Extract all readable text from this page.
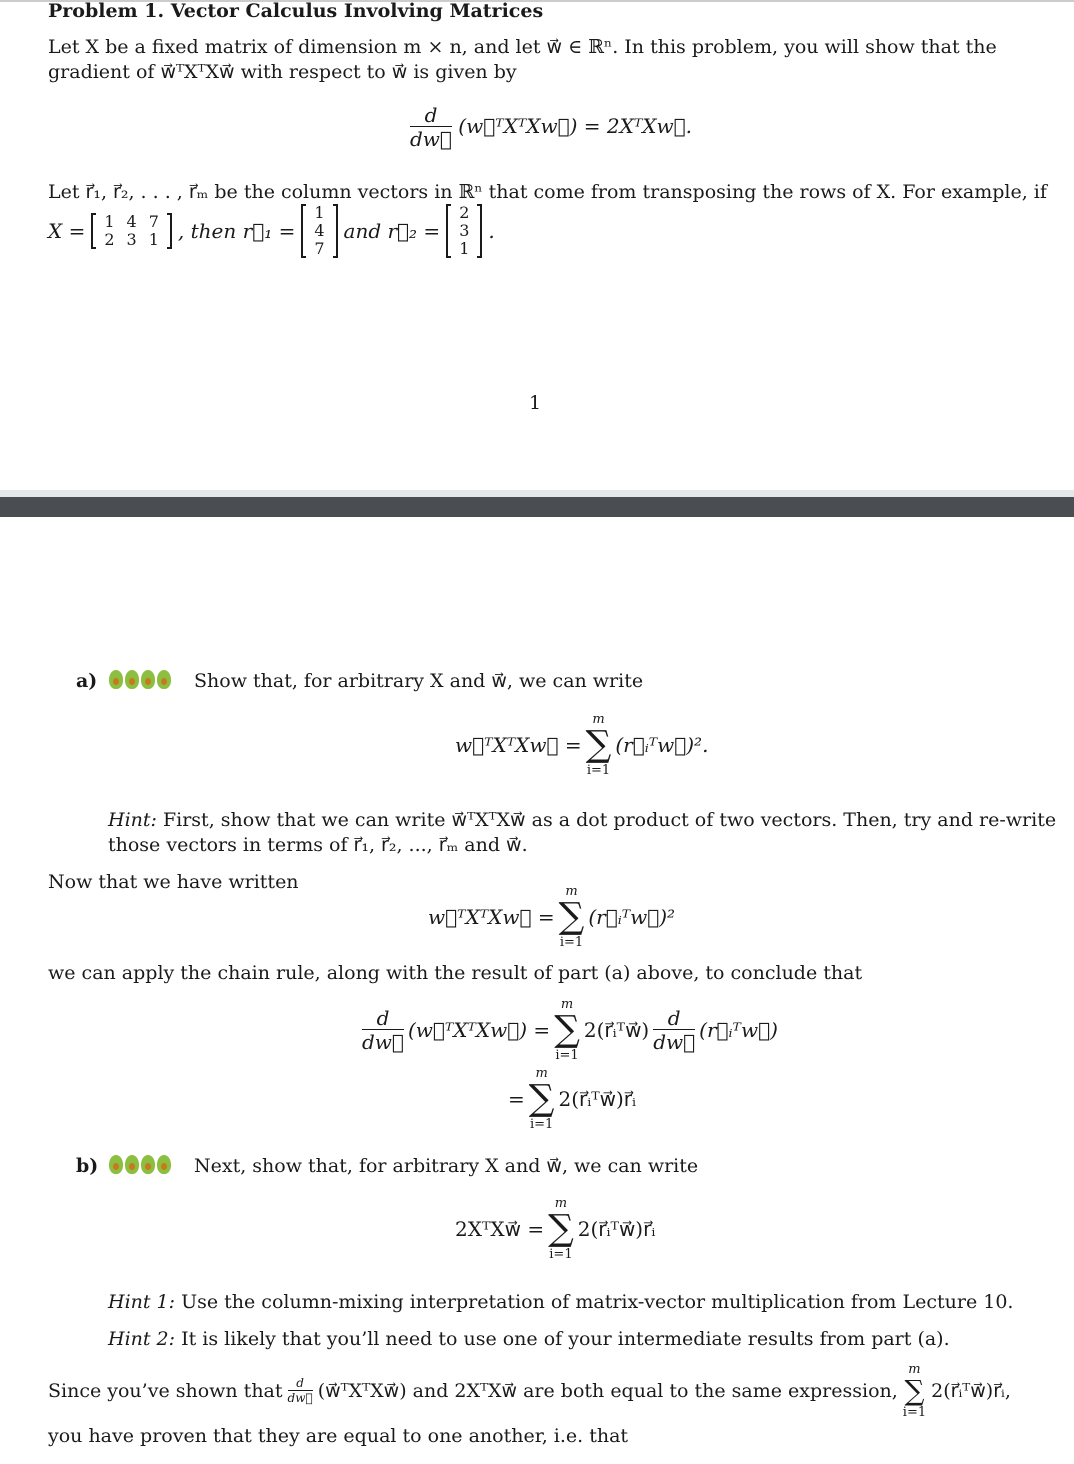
Problem 1. Vector Calculus Involving Matrices
Let X be a fixed matrix of dimension m × n, and let w⃗ ∈ ℝⁿ. In this problem, you will show that the
gradient of w⃗ᵀXᵀXw⃗ with respect to w⃗ is given by
$\frac{d}{dw⃗}$ (w⃗ᵀXᵀXw⃗) = 2XᵀXw⃗.
Let r⃗₁, r⃗₂, . . . , r⃗ₘ be the column vectors in ℝⁿ that come from transposing the rows of X. For example, if
X = 1	4	7
2	3	1 , then r⃗₁ =
1
4
7
and r⃗₂ =
2
3
1
.
1
a)	Show that, for arbitrary X and w⃗, we can write
w⃗ᵀXᵀXw⃗ =
m
∑
i=1
(r⃗ᵢᵀw⃗)².
Hint: First, show that we can write w⃗ᵀXᵀXw⃗ as a dot product of two vectors. Then, try and re-write
those vectors in terms of r⃗₁, r⃗₂, ..., r⃗ₘ and w⃗.
Now that we have written
w⃗ᵀXᵀXw⃗ =
m
∑
i=1
(r⃗ᵢᵀw⃗)²
we can apply the chain rule, along with the result of part (a) above, to conclude that
$\frac{d}{dw⃗}$ (w⃗ᵀXᵀXw⃗) =
m
∑
i=1
2(r⃗ᵢᵀw⃗) $\frac{d}{dw⃗}$ (r⃗ᵢᵀw⃗)
=
m
∑
i=1
2(r⃗ᵢᵀw⃗)r⃗ᵢ
b)	Next, show that, for arbitrary X and w⃗, we can write
2XᵀXw⃗ =
m
∑
i=1
2(r⃗ᵢᵀw⃗)r⃗ᵢ
Hint 1: Use the column-mixing interpretation of matrix-vector multiplication from Lecture 10.
Hint 2: It is likely that you’ll need to use one of your intermediate results from part (a).
Since you’ve shown that $\frac{d}{dw⃗}$ (w⃗ᵀXᵀXw⃗) and 2XᵀXw⃗ are both equal to the same expression,
m
∑
i=1
2(r⃗ᵢᵀw⃗)r⃗ᵢ,
you have proven that they are equal to one another, i.e. that
